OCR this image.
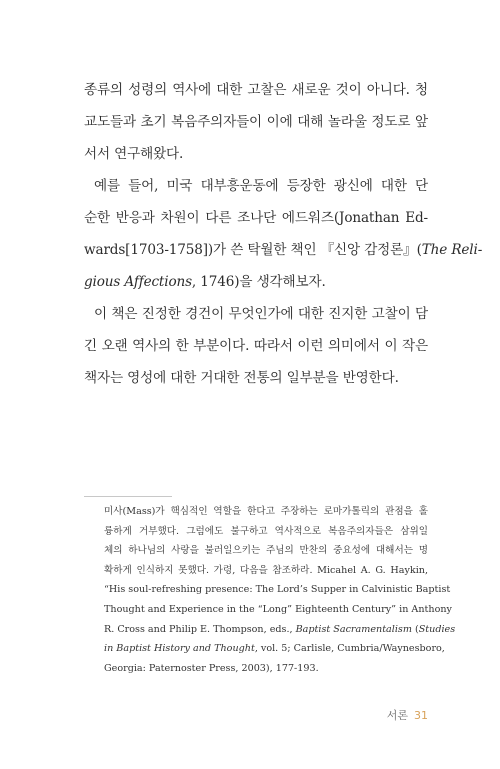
종류의 성령의 역사에 대한 고찰은 새로운 것이 아니다. 청
교도들과 초기 복음주의자들이 이에 대해 놀라울 정도로 앞
서서 연구해왔다.
예를 들어, 미국 대부흥운동에 등장한 광신에 대한 단
순한 반응과 차원이 다른 조나단 에드워즈(Jonathan Ed-
wards[1703-1758])가 쓴 탁월한 책인 『신앙 감정론』(The Reli-
gious Affections, 1746)을 생각해보자.
이 책은 진정한 경건이 무엇인가에 대한 진지한 고찰이 담
긴 오랜 역사의 한 부분이다. 따라서 이런 의미에서 이 작은
책자는 영성에 대한 거대한 전통의 일부분을 반영한다.
미사(Mass)가 핵심적인 역할을 한다고 주장하는 로마가톨릭의 관점을 홀
륭하게 거부했다. 그럼에도 불구하고 역사적으로 복음주의자들은 삼위일
체의 하나님의 사랑을 불러일으키는 주님의 만찬의 중요성에 대해서는 명
확하게 인식하지 못했다. 가령, 다음을 참조하라. Micahel A. G. Haykin,
“His soul-refreshing presence: The Lord’s Supper in Calvinistic Baptist
Thought and Experience in the “Long” Eighteenth Century” in Anthony
R. Cross and Philip E. Thompson, eds., Baptist Sacramentalism (Studies
in Baptist History and Thought, vol. 5; Carlisle, Cumbria/Waynesboro,
Georgia: Paternoster Press, 2003), 177-193.
서론 31
